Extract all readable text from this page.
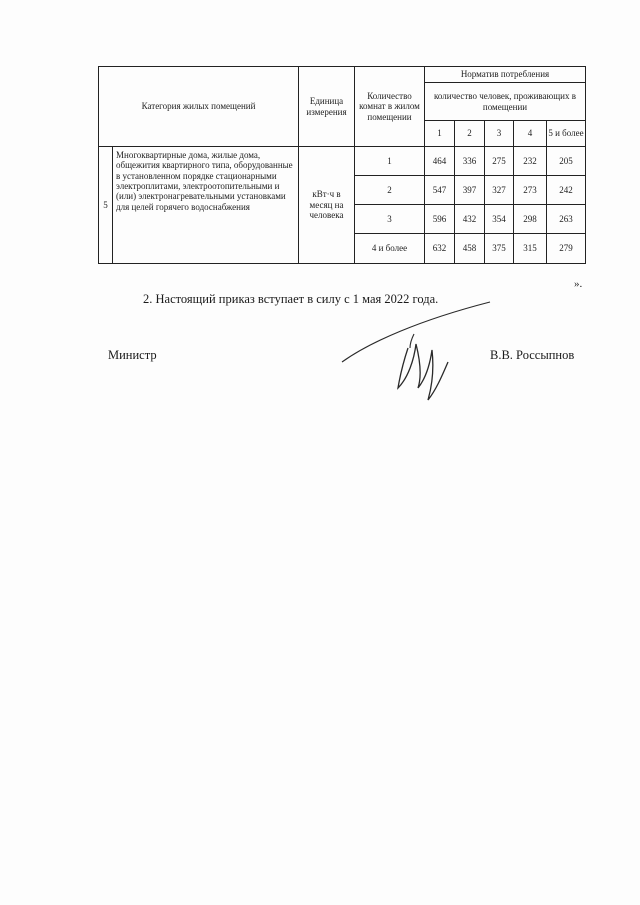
Категория жилых помещений		Единица измерения	Количество комнат в жилом помещении	Норматив потребления				
				количество человек, проживающих в помещении				
				1	2	3	4	5 и более
5	Многоквартирные дома, жилые дома, общежития квартирного типа, оборудованные в установленном порядке стационарными электроплитами, электроотопительными и (или) электронагревательными установками для целей горячего водоснабжения	кВт·ч в месяц на человека	1	464	336	275	232	205
			2	547	397	327	273	242
			3	596	432	354	298	263
			4 и более	632	458	375	315	279
».
2. Настоящий приказ вступает в силу с 1 мая 2022 года.
Министр	В.В. Россыпнов
